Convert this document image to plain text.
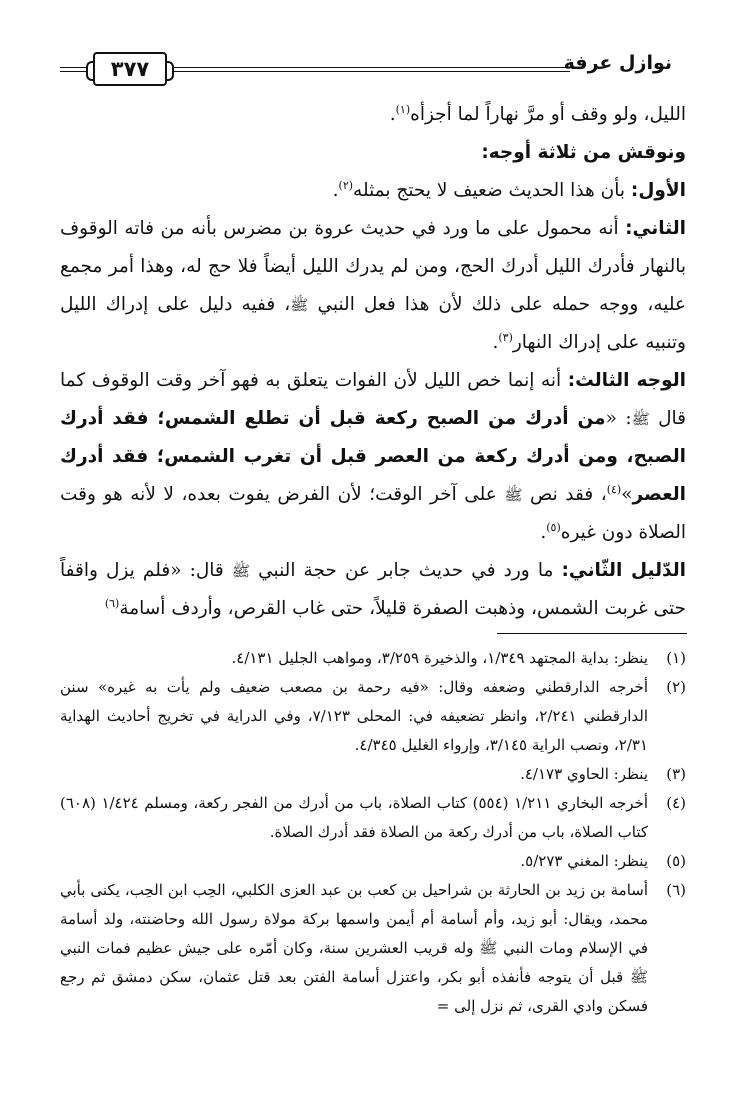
نوازل عرفة
٣٧٧

الليل، ولو وقف أو مرَّ نهاراً لما أجزأه$^{(١)}$.

ونوقش من ثلاثة أوجه:

الأول: بأن هذا الحديث ضعيف لا يحتج بمثله$^{(٢)}$.

الثاني: أنه محمول على ما ورد في حديث عروة بن مضرس بأنه من فاته الوقوف بالنهار فأدرك الليل أدرك الحج، ومن لم يدرك الليل أيضاً فلا حج له، وهذا أمر مجمع عليه، ووجه حمله على ذلك لأن هذا فعل النبي ﷺ، ففيه دليل على إدراك الليل وتنبيه على إدراك النهار$^{(٣)}$.

الوجه الثالث: أنه إنما خص الليل لأن الفوات يتعلق به فهو آخر وقت الوقوف كما قال ﷺ: «من أدرك من الصبح ركعة قبل أن تطلع الشمس؛ فقد أدرك الصبح، ومن أدرك ركعة من العصر قبل أن تغرب الشمس؛ فقد أدرك العصر»$^{(٤)}$، فقد نص ﷺ على آخر الوقت؛ لأن الفرض يفوت بعده، لا لأنه هو وقت الصلاة دون غيره$^{(٥)}$.

الدّليل الثّاني: ما ورد في حديث جابر عن حجة النبي ﷺ قال: «فلم يزل واقفاً حتى غربت الشمس، وذهبت الصفرة قليلاً، حتى غاب القرص، وأردف أسامة$^{(٦)}$

(١)
ينظر: بداية المجتهد ١/٣٤٩، والذخيرة ٣/٢٥٩، ومواهب الجليل ٤/١٣١.
(٢)
أخرجه الدارقطني وضعفه وقال: «فيه رحمة بن مصعب ضعيف ولم يأت به غيره» سنن الدارقطني ٢/٢٤١، وانظر تضعيفه في: المحلى ٧/١٢٣، وفي الدراية في تخريج أحاديث الهداية ٢/٣١، ونصب الراية ٣/١٤٥، وإرواء الغليل ٤/٣٤٥.
(٣)
ينظر: الحاوي ٤/١٧٣.
(٤)
أخرجه البخاري ١/٢١١ (٥٥٤) كتاب الصلاة، باب من أدرك من الفجر ركعة، ومسلم ١/٤٢٤ (٦٠٨) كتاب الصلاة، باب من أدرك ركعة من الصلاة فقد أدرك الصلاة.
(٥)
ينظر: المغني ٥/٢٧٣.
(٦)
أسامة بن زيد بن الحارثة بن شراحيل بن كعب بن عبد العزى الكلبي، الحِب ابن الحِب، يكنى بأبي محمد، ويقال: أبو زيد، وأم أسامة أم أيمن واسمها بركة مولاة رسول الله وحاضنته، ولد أسامة في الإسلام ومات النبي ﷺ وله قريب العشرين سنة، وكان أمّره على جيش عظيم فمات النبي ﷺ قبل أن يتوجه فأنفذه أبو بكر، واعتزل أسامة الفتن بعد قتل عثمان، سكن دمشق ثم رجع فسكن وادي القرى، ثم نزل إلى =
